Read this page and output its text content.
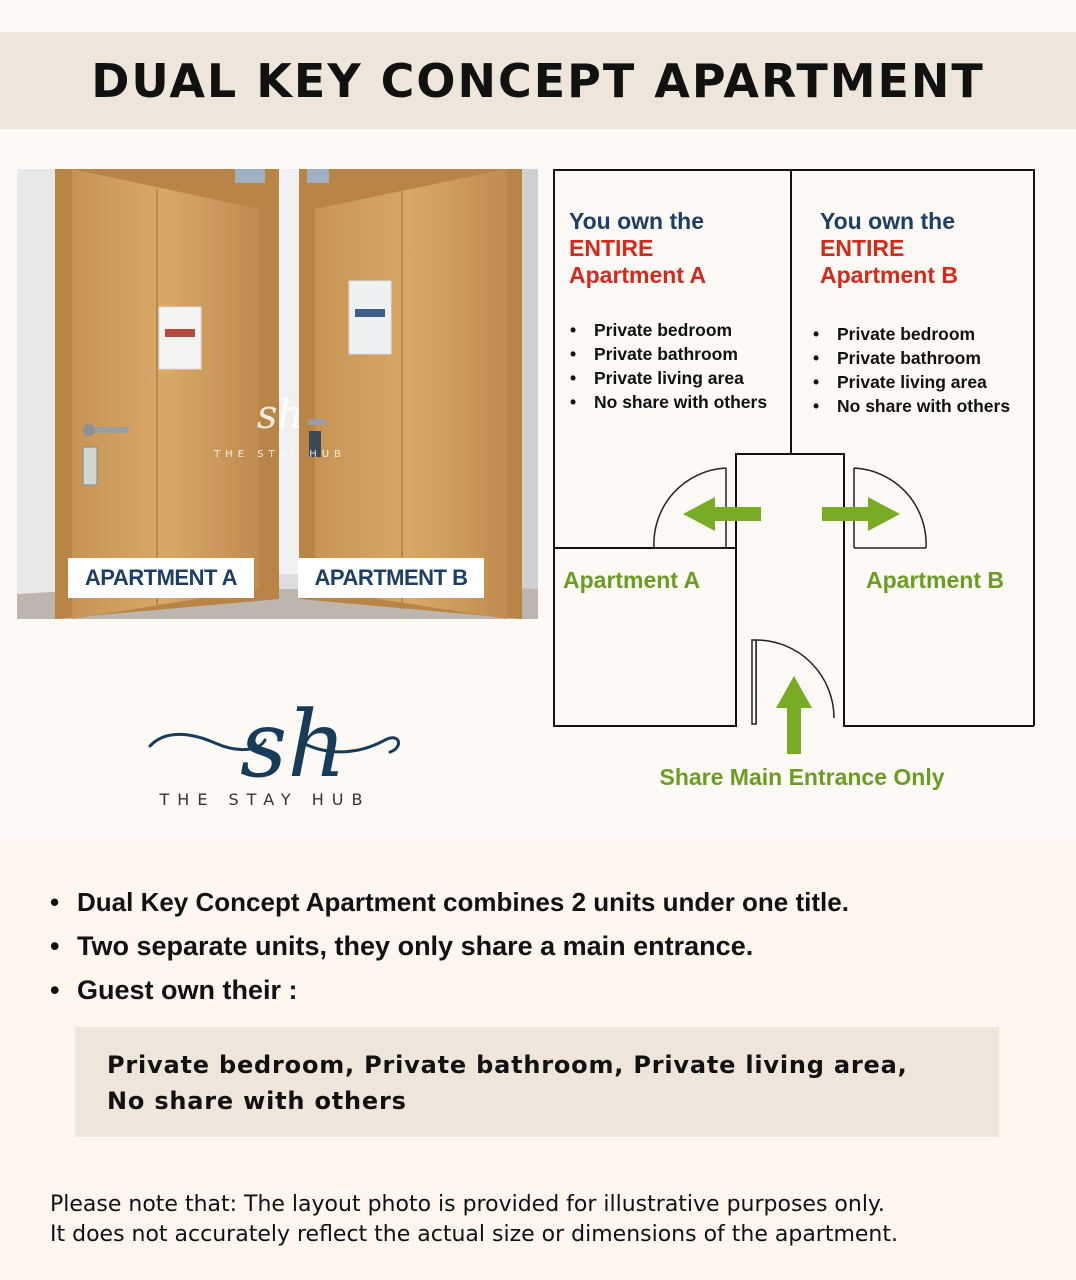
DUAL KEY CONCEPT APARTMENT
sh
THE STAY HUB
APARTMENT A	APARTMENT B
sh
THE STAY HUB
You own the
ENTIRE
Apartment A
• Private bedroom
• Private bathroom
• Private living area
• No share with others
You own the
ENTIRE
Apartment B
• Private bedroom
• Private bathroom
• Private living area
• No share with others
Apartment A	Apartment B
Share Main Entrance Only
• Dual Key Concept Apartment combines 2 units under one title.
• Two separate units, they only share a main entrance.
• Guest own their :
Private bedroom, Private bathroom, Private living area,
No share with others
Please note that: The layout photo is provided for illustrative purposes only.
It does not accurately reflect the actual size or dimensions of the apartment.
